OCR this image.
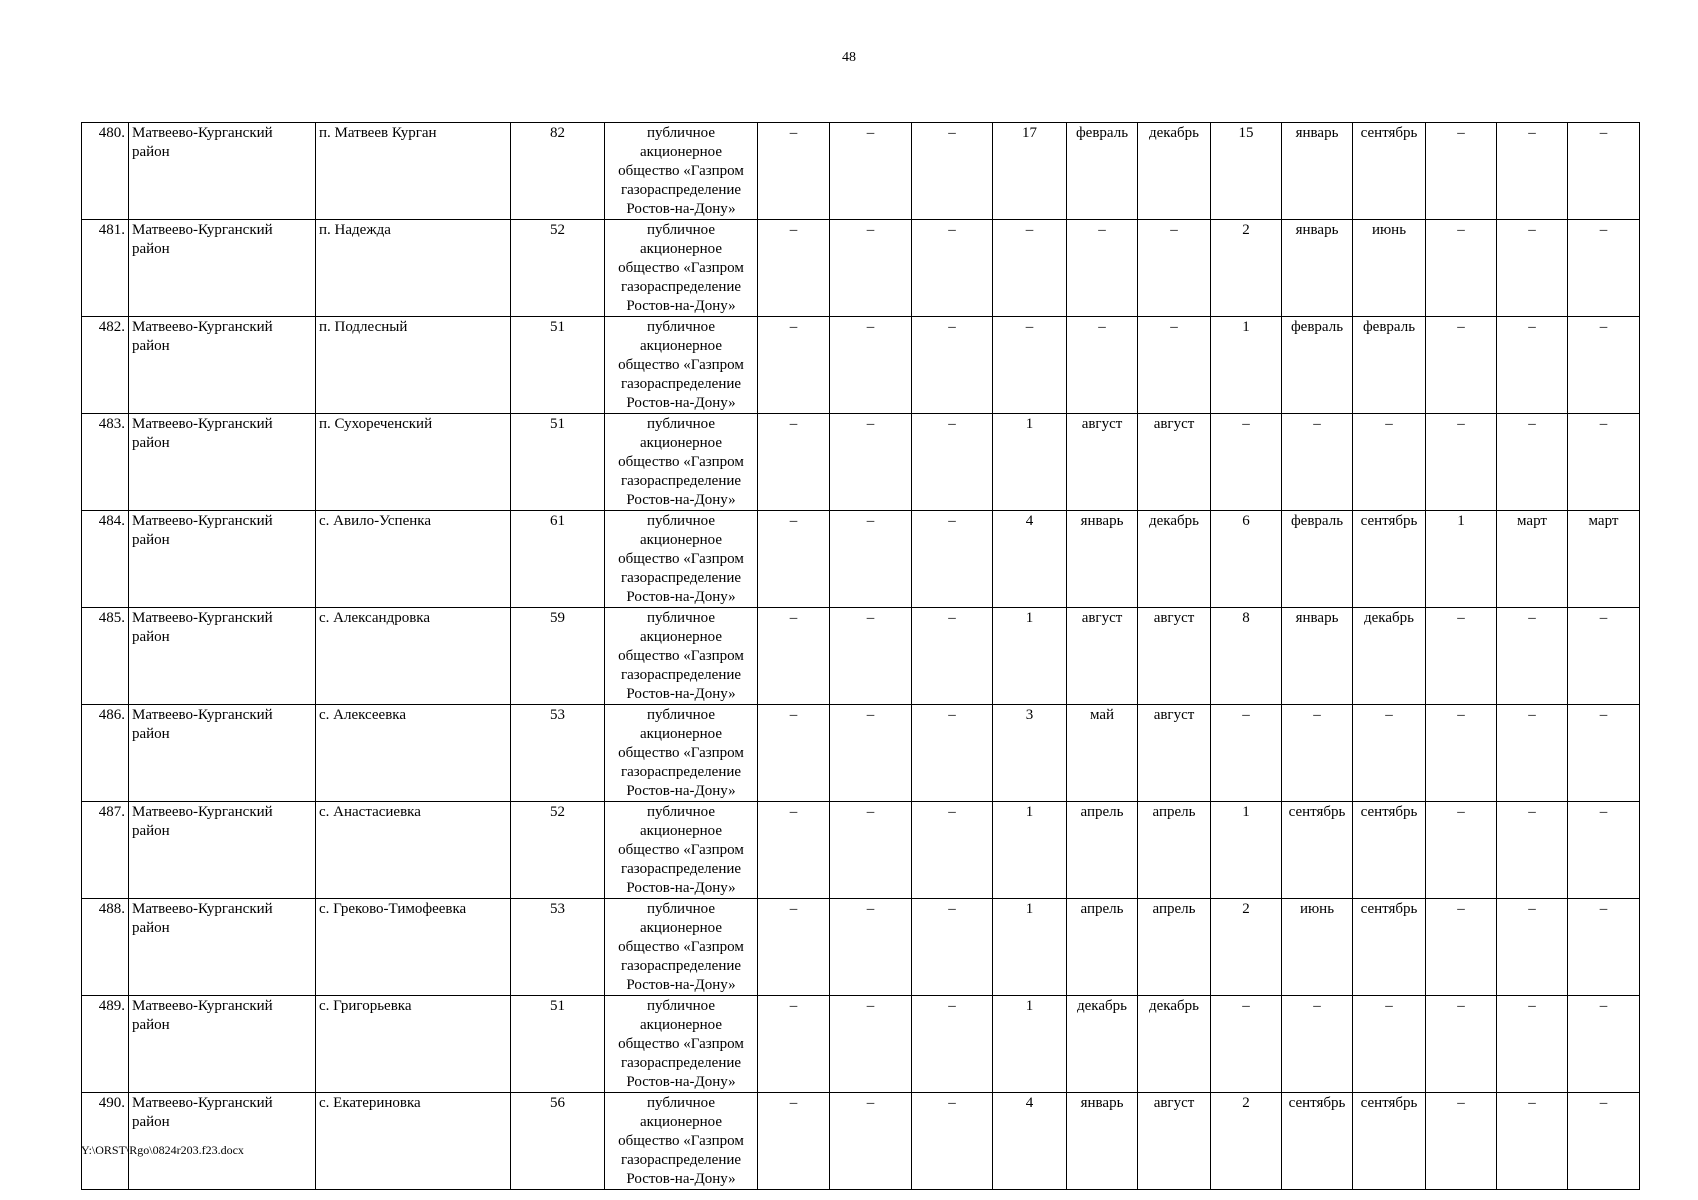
48
480.	Матвеево-Курганский район	п. Матвеев Курган	82	публичное акционерное общество «Газпром газораспределение Ростов-на-Дону»	–	–	–	17	февраль	декабрь	15	январь	сентябрь	–	–	–
481.	Матвеево-Курганский район	п. Надежда	52	публичное акционерное общество «Газпром газораспределение Ростов-на-Дону»	–	–	–	–	–	–	2	январь	июнь	–	–	–
482.	Матвеево-Курганский район	п. Подлесный	51	публичное акционерное общество «Газпром газораспределение Ростов-на-Дону»	–	–	–	–	–	–	1	февраль	февраль	–	–	–
483.	Матвеево-Курганский район	п. Сухореченский	51	публичное акционерное общество «Газпром газораспределение Ростов-на-Дону»	–	–	–	1	август	август	–	–	–	–	–	–
484.	Матвеево-Курганский район	с. Авило-Успенка	61	публичное акционерное общество «Газпром газораспределение Ростов-на-Дону»	–	–	–	4	январь	декабрь	6	февраль	сентябрь	1	март	март
485.	Матвеево-Курганский район	с. Александровка	59	публичное акционерное общество «Газпром газораспределение Ростов-на-Дону»	–	–	–	1	август	август	8	январь	декабрь	–	–	–
486.	Матвеево-Курганский район	с. Алексеевка	53	публичное акционерное общество «Газпром газораспределение Ростов-на-Дону»	–	–	–	3	май	август	–	–	–	–	–	–
487.	Матвеево-Курганский район	с. Анастасиевка	52	публичное акционерное общество «Газпром газораспределение Ростов-на-Дону»	–	–	–	1	апрель	апрель	1	сентябрь	сентябрь	–	–	–
488.	Матвеево-Курганский район	с. Греково-Тимофеевка	53	публичное акционерное общество «Газпром газораспределение Ростов-на-Дону»	–	–	–	1	апрель	апрель	2	июнь	сентябрь	–	–	–
489.	Матвеево-Курганский район	с. Григорьевка	51	публичное акционерное общество «Газпром газораспределение Ростов-на-Дону»	–	–	–	1	декабрь	декабрь	–	–	–	–	–	–
490.	Матвеево-Курганский район	с. Екатериновка	56	публичное акционерное общество «Газпром газораспределение Ростов-на-Дону»	–	–	–	4	январь	август	2	сентябрь	сентябрь	–	–	–
Y:\ORST\Rgo\0824r203.f23.docx
